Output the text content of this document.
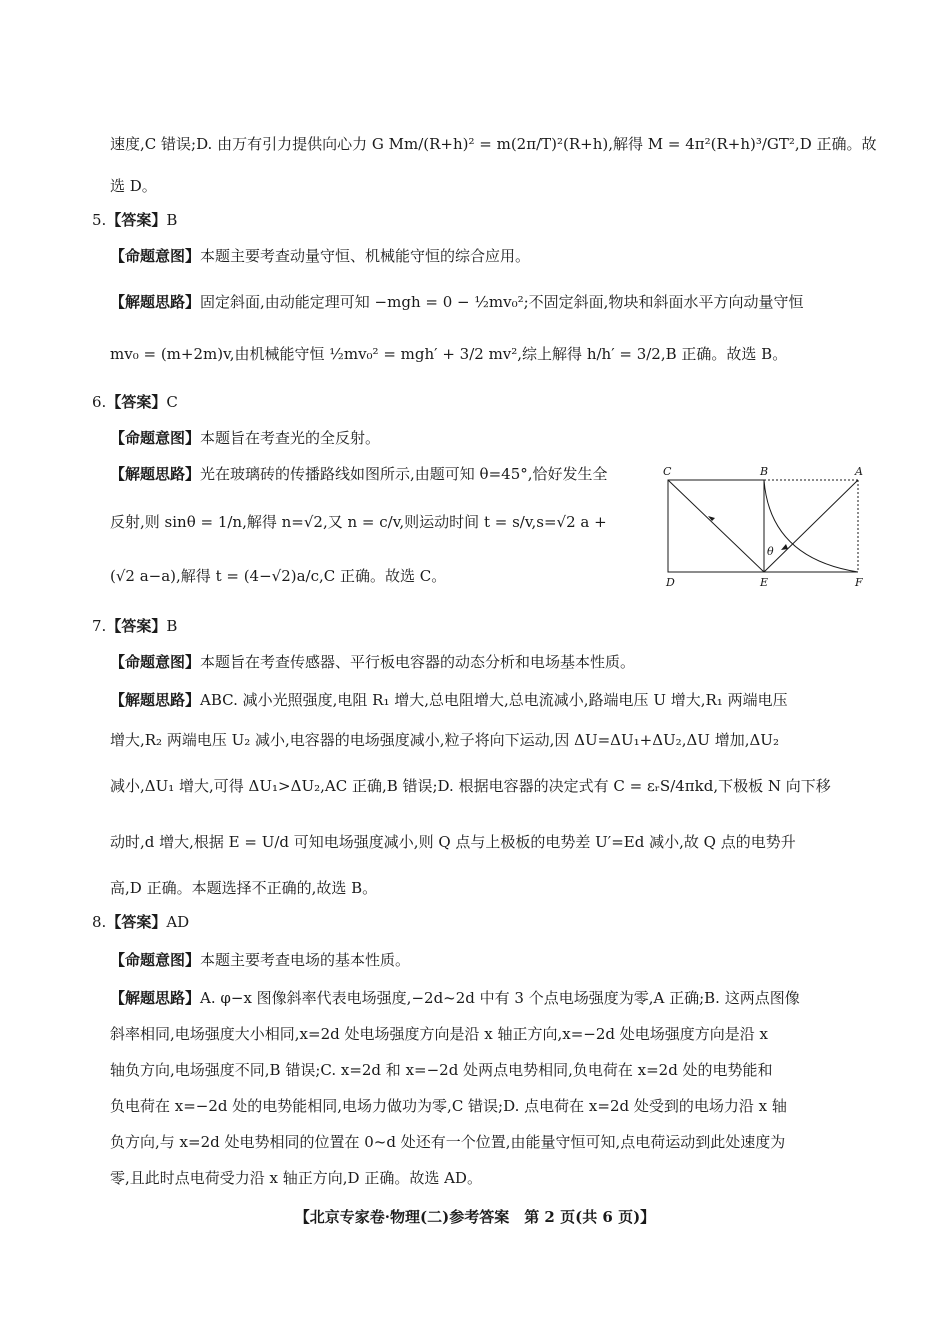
速度,C 错误;D. 由万有引力提供向心力 G Mm/(R+h)² = m(2π/T)²(R+h),解得 M = 4π²(R+h)³/GT²,D 正确。故
选 D。
5.【答案】B
【命题意图】本题主要考查动量守恒、机械能守恒的综合应用。
【解题思路】固定斜面,由动能定理可知 −mgh = 0 − ½mv₀²;不固定斜面,物块和斜面水平方向动量守恒
mv₀ = (m+2m)v,由机械能守恒 ½mv₀² = mgh′ + 3/2 mv²,综上解得 h/h′ = 3/2,B 正确。故选 B。
6.【答案】C
【命题意图】本题旨在考查光的全反射。
【解题思路】光在玻璃砖的传播路线如图所示,由题可知 θ=45°,恰好发生全
反射,则 sinθ = 1/n,解得 n=√2,又 n = c/v,则运动时间 t = s/v,s=√2 a +
(√2 a−a),解得 t = (4−√2)a/c,C 正确。故选 C。
C	B	A
D	E	F
θ
7.【答案】B
【命题意图】本题旨在考查传感器、平行板电容器的动态分析和电场基本性质。
【解题思路】ABC. 减小光照强度,电阻 R₁ 增大,总电阻增大,总电流减小,路端电压 U 增大,R₁ 两端电压
增大,R₂ 两端电压 U₂ 减小,电容器的电场强度减小,粒子将向下运动,因 ΔU=ΔU₁+ΔU₂,ΔU 增加,ΔU₂
减小,ΔU₁ 增大,可得 ΔU₁>ΔU₂,AC 正确,B 错误;D. 根据电容器的决定式有 C = εᵣS/4πkd,下极板 N 向下移
动时,d 增大,根据 E = U/d 可知电场强度减小,则 Q 点与上极板的电势差 U′=Ed 减小,故 Q 点的电势升
高,D 正确。本题选择不正确的,故选 B。
8.【答案】AD
【命题意图】本题主要考查电场的基本性质。
【解题思路】A. φ−x 图像斜率代表电场强度,−2d~2d 中有 3 个点电场强度为零,A 正确;B. 这两点图像
斜率相同,电场强度大小相同,x=2d 处电场强度方向是沿 x 轴正方向,x=−2d 处电场强度方向是沿 x
轴负方向,电场强度不同,B 错误;C. x=2d 和 x=−2d 处两点电势相同,负电荷在 x=2d 处的电势能和
负电荷在 x=−2d 处的电势能相同,电场力做功为零,C 错误;D. 点电荷在 x=2d 处受到的电场力沿 x 轴
负方向,与 x=2d 处电势相同的位置在 0~d 处还有一个位置,由能量守恒可知,点电荷运动到此处速度为
零,且此时点电荷受力沿 x 轴正方向,D 正确。故选 AD。
【北京专家卷·物理(二)参考答案　第 2 页(共 6 页)】
